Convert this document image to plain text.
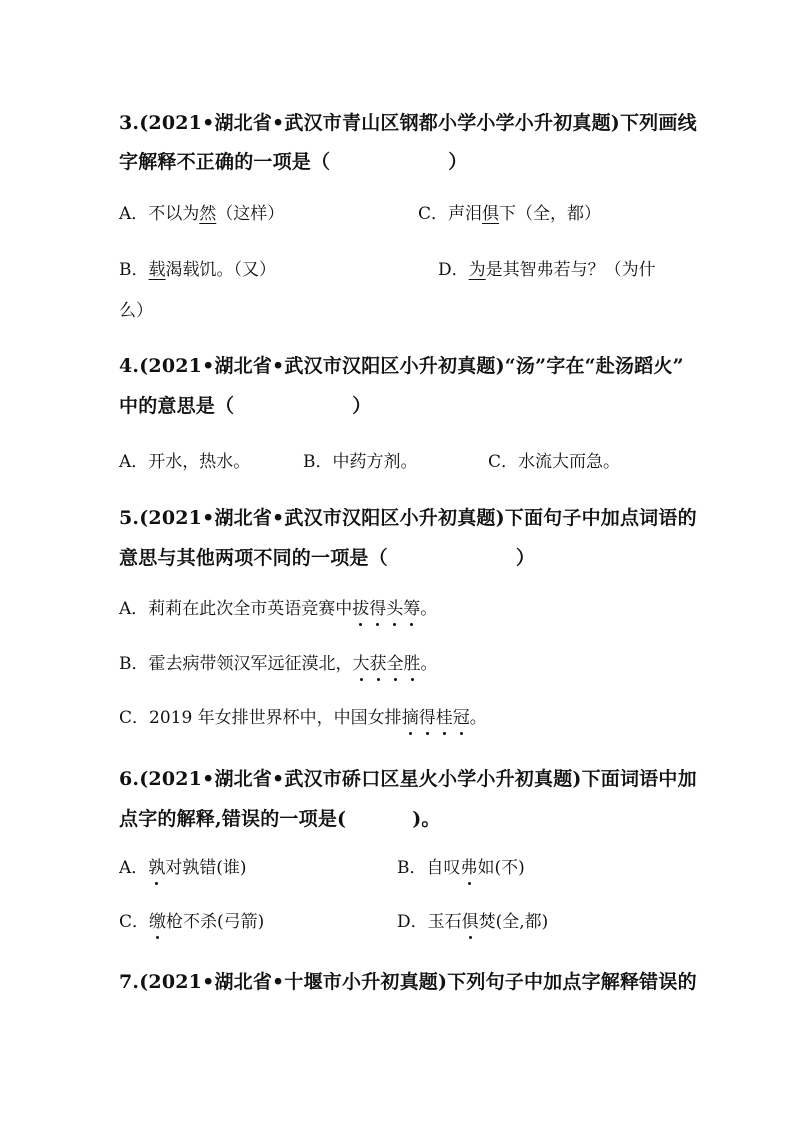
3.(2021•湖北省•武汉市青山区钢都小学小学小升初真题)下列画线
字解释不正确的一项是（	）
A．不以为然（这样）	C．声泪俱下（全，都）
B．载渴载饥。（又）	D．为是其智弗若与？（为什
么）
4.(2021•湖北省•武汉市汉阳区小升初真题)“汤”字在“赴汤蹈火”
中的意思是（	）
A．开水，热水。	B．中药方剂。	C．水流大而急。
5.(2021•湖北省•武汉市汉阳区小升初真题)下面句子中加点词语的
意思与其他两项不同的一项是（	）
A．莉莉在此次全市英语竞赛中拔得头筹。
B．霍去病带领汉军远征漠北，大获全胜。
C．2019 年女排世界杯中，中国女排摘得桂冠。
6.(2021•湖北省•武汉市硚口区星火小学小升初真题)下面词语中加
点字的解释,错误的一项是(	)。
A．孰对孰错(谁)	B．自叹弗如(不)
C．缴枪不杀(弓箭)	D．玉石俱焚(全,都)
7.(2021•湖北省•十堰市小升初真题)下列句子中加点字解释错误的
